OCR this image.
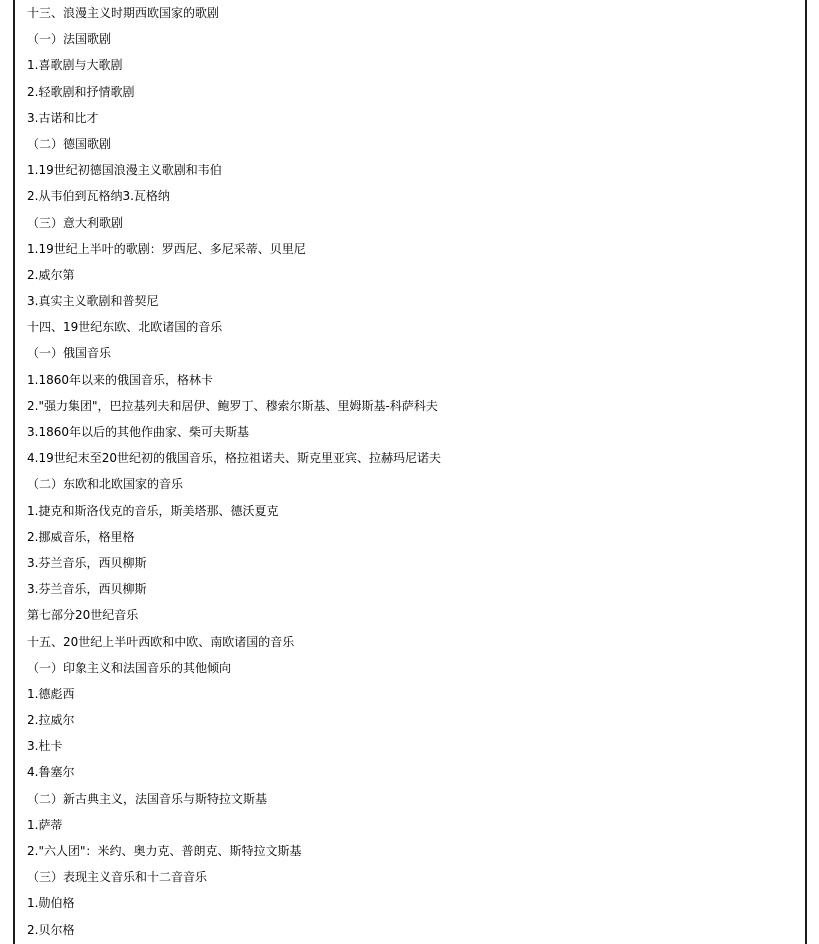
十三、浪漫主义时期西欧国家的歌剧
（一）法国歌剧
1.喜歌剧与大歌剧
2.轻歌剧和抒情歌剧
3.古诺和比才
（二）德国歌剧
1.19世纪初德国浪漫主义歌剧和韦伯
2.从韦伯到瓦格纳3.瓦格纳
（三）意大利歌剧
1.19世纪上半叶的歌剧：罗西尼、多尼采蒂、贝里尼
2.威尔第
3.真实主义歌剧和普契尼
十四、19世纪东欧、北欧诸国的音乐
（一）俄国音乐
1.1860年以来的俄国音乐，格林卡
2."强力集团"，巴拉基列夫和居伊、鲍罗丁、穆索尔斯基、里姆斯基-科萨科夫
3.1860年以后的其他作曲家、柴可夫斯基
4.19世纪末至20世纪初的俄国音乐，格拉祖诺夫、斯克里亚宾、拉赫玛尼诺夫
（二）东欧和北欧国家的音乐
1.捷克和斯洛伐克的音乐，斯美塔那、德沃夏克
2.挪威音乐，格里格
3.芬兰音乐，西贝柳斯
3.芬兰音乐，西贝柳斯
第七部分20世纪音乐
十五、20世纪上半叶西欧和中欧、南欧诸国的音乐
（一）印象主义和法国音乐的其他倾向
1.德彪西
2.拉威尔
3.杜卡
4.鲁塞尔
（二）新古典主义，法国音乐与斯特拉文斯基
1.萨蒂
2."六人团"：米约、奥力克、普朗克、斯特拉文斯基
（三）表现主义音乐和十二音音乐
1.勋伯格
2.贝尔格
